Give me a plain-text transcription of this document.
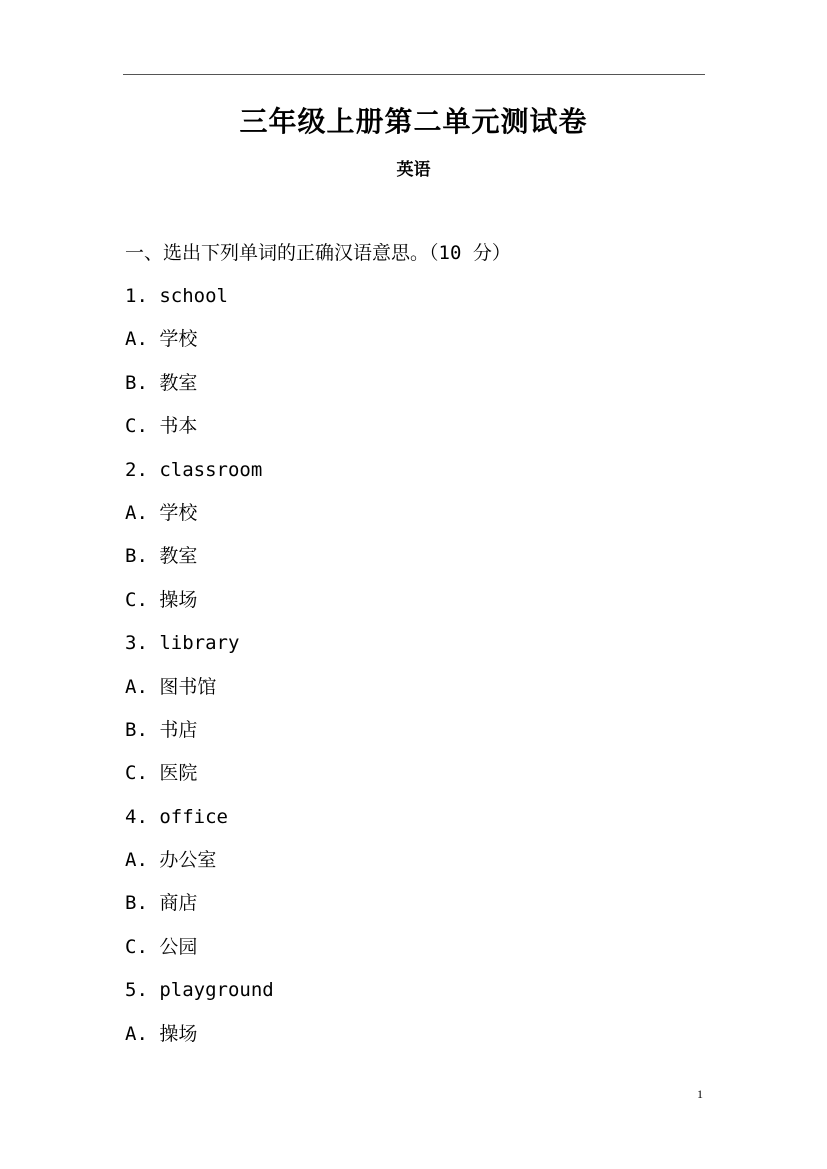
三年级上册第二单元测试卷
英语
一、选出下列单词的正确汉语意思。（10 分）
1. school
A. 学校
B. 教室
C. 书本
2. classroom
A. 学校
B. 教室
C. 操场
3. library
A. 图书馆
B. 书店
C. 医院
4. office
A. 办公室
B. 商店
C. 公园
5. playground
A. 操场
1
